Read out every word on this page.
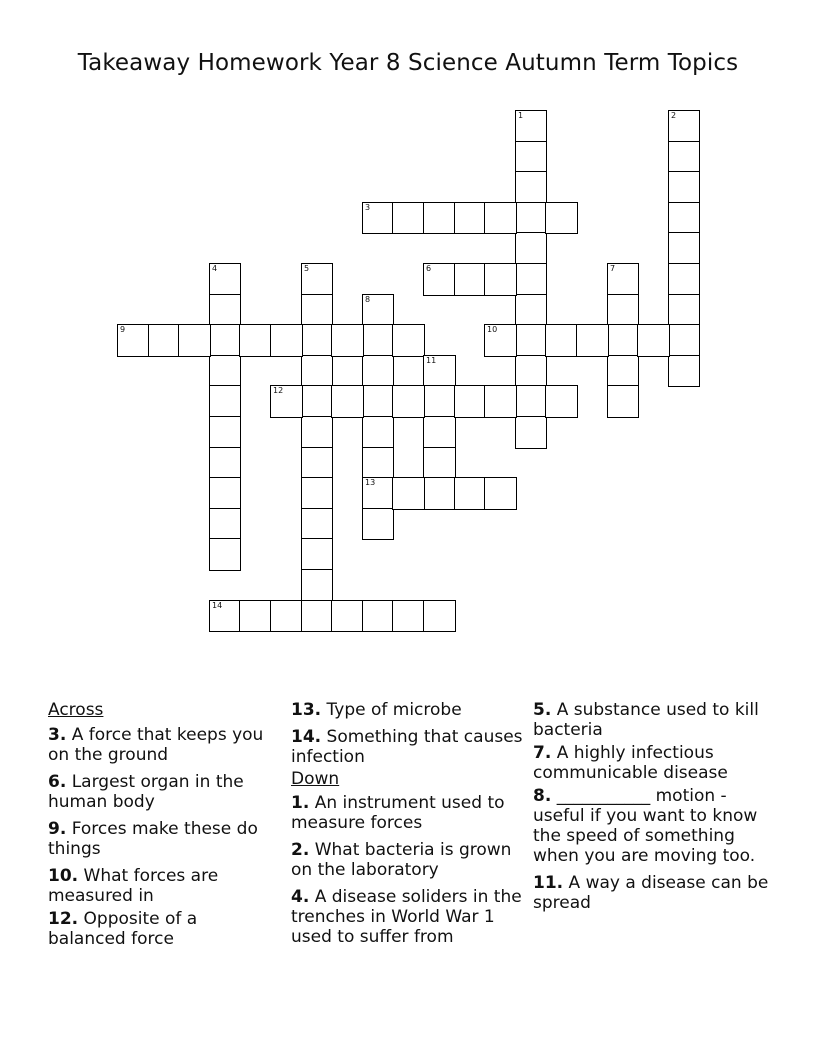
Takeaway Homework Year 8 Science Autumn Term Topics
1	2
3
4	5	6	7
8
13
9	10
11
12
14
Across
3. A force that keeps you on the ground
6. Largest organ in the human body
9. Forces make these do things
10. What forces are measured in
12. Opposite of a balanced force
13. Type of microbe
14. Something that causes infection
Down
1. An instrument used to measure forces
2. What bacteria is grown on the laboratory
4. A disease soliders in the trenches in World War 1 used to suffer from
5. A substance used to kill bacteria
7. A highly infectious communicable disease
8. ___________ motion - useful if you want to know the speed of something when you are moving too.
11. A way a disease can be spread
